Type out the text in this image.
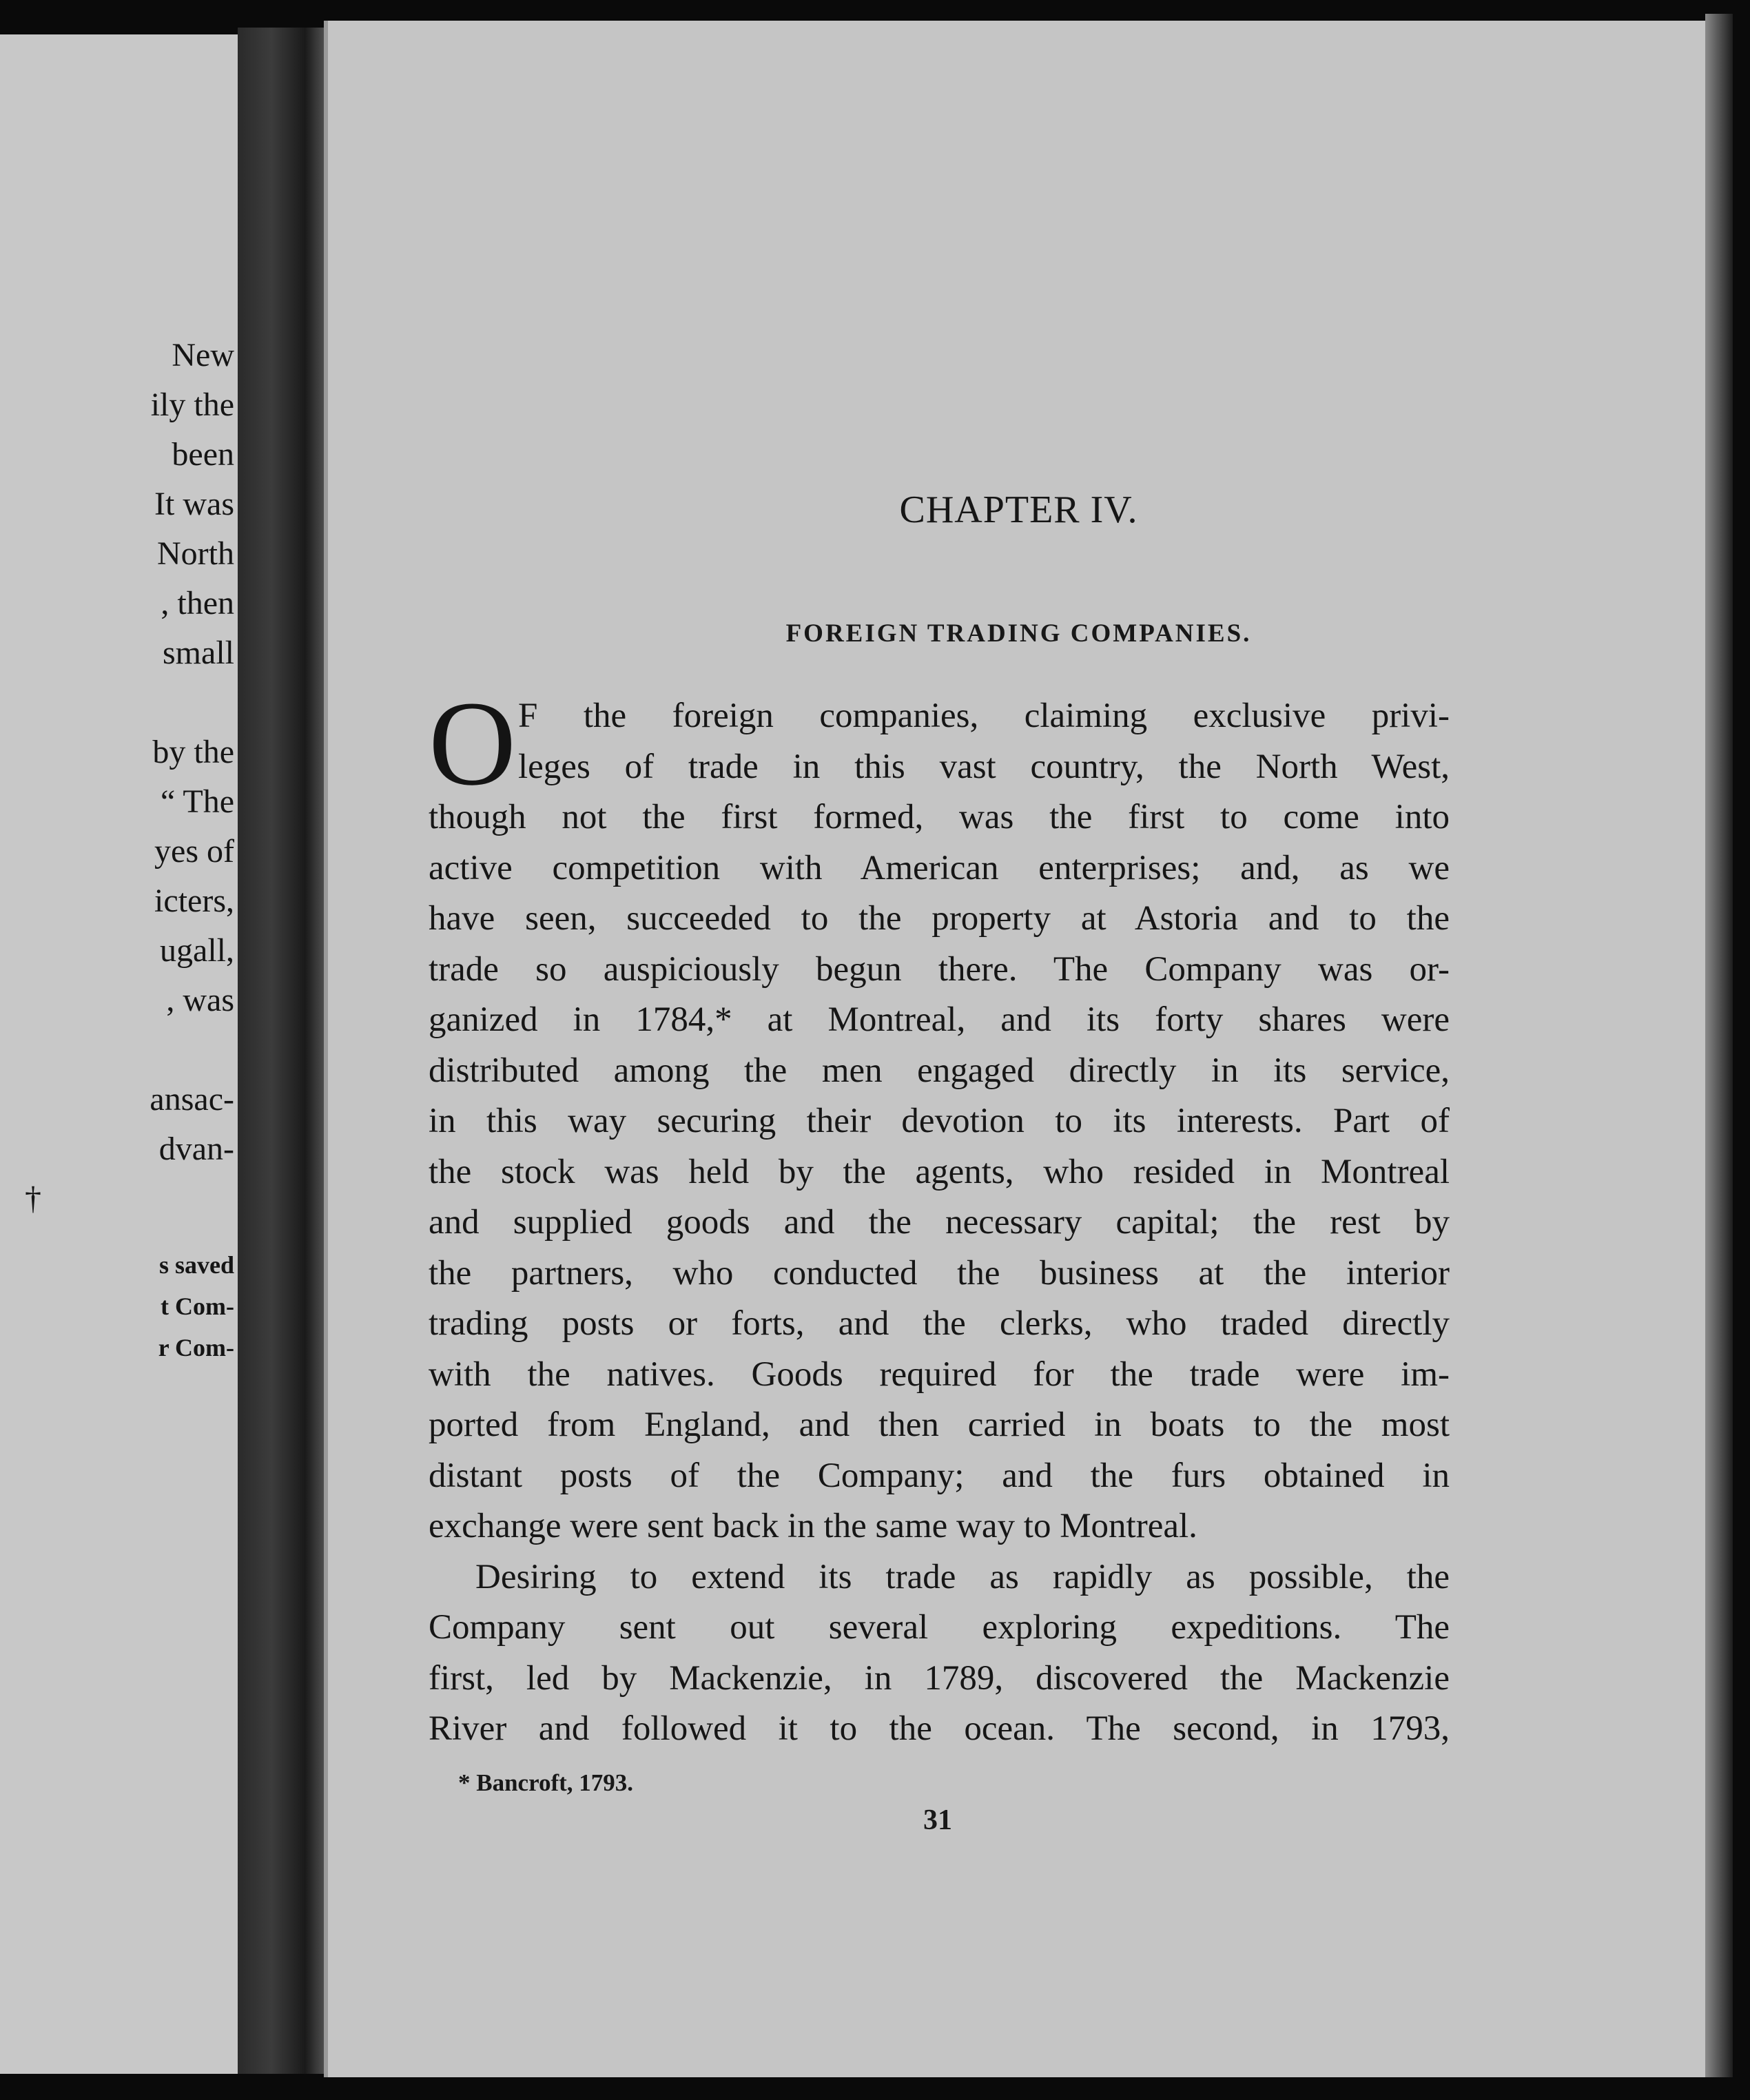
New
ily the
been
It was
North
, then
small
by the
“ The
yes of
icters,
ugall,
, was
ansac-
dvan-
†
s saved
t Com-
r Com-
CHAPTER IV.
FOREIGN TRADING COMPANIES.
O F the foreign companies, claiming exclusive privi-
leges of trade in this vast country, the North West,
though not the first formed, was the first to come into
active competition with American enterprises; and, as we
have seen, succeeded to the property at Astoria and to the
trade so auspiciously begun there. The Company was or-
ganized in 1784,* at Montreal, and its forty shares were
distributed among the men engaged directly in its service,
in this way securing their devotion to its interests. Part of
the stock was held by the agents, who resided in Montreal
and supplied goods and the necessary capital; the rest by
the partners, who conducted the business at the interior
trading posts or forts, and the clerks, who traded directly
with the natives. Goods required for the trade were im-
ported from England, and then carried in boats to the most
distant posts of the Company; and the furs obtained in
exchange were sent back in the same way to Montreal.
Desiring to extend its trade as rapidly as possible, the
Company sent out several exploring expeditions. The
first, led by Mackenzie, in 1789, discovered the Mackenzie
River and followed it to the ocean. The second, in 1793,
* Bancroft, 1793.
31
